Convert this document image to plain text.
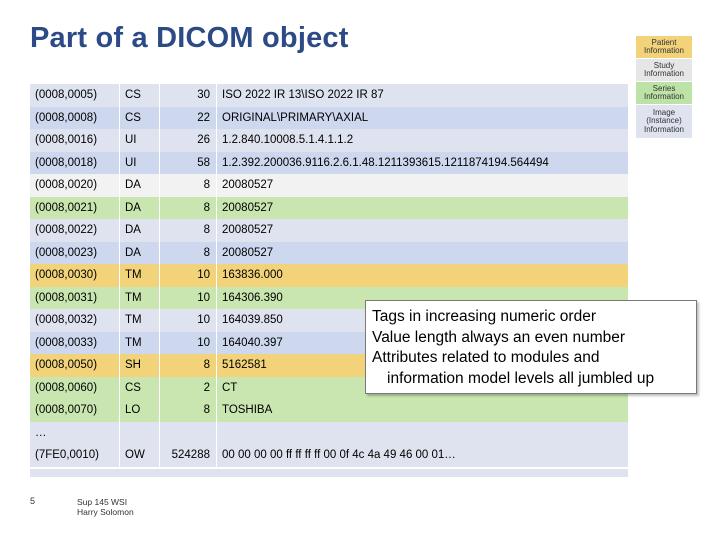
Part of a DICOM object	Patient Information
Study Information
Series Information
Image (Instance) Information
(0008,0005)	CS	30	ISO 2022 IR 13\ISO 2022 IR 87
(0008,0008)	CS	22	ORIGINAL\PRIMARY\AXIAL
(0008,0016)	UI	26	1.2.840.10008.5.1.4.1.1.2
(0008,0018)	UI	58	1.2.392.200036.9116.2.6.1.48.1211393615.1211874194.564494
(0008,0020)	DA	8	20080527
(0008,0021)	DA	8	20080527
(0008,0022)	DA	8	20080527
(0008,0023)	DA	8	20080527
(0008,0030)	TM	10	163836.000
(0008,0031)	TM	10	164306.390
(0008,0032)	TM	10	164039.850
(0008,0033)	TM	10	164040.397
(0008,0050)	SH	8	5162581
(0008,0060)	CS	2	CT
(0008,0070)	LO	8	TOSHIBA
…
(7FE0,0010)	OW	524288	00 00 00 00 ff ff ff ff 00 0f 4c 4a 49 46 00 01…
Tags in increasing numeric order
Value length always an even number
Attributes related to modules and
information model levels all jumbled up
5	Sup 145 WSI
Harry Solomon
